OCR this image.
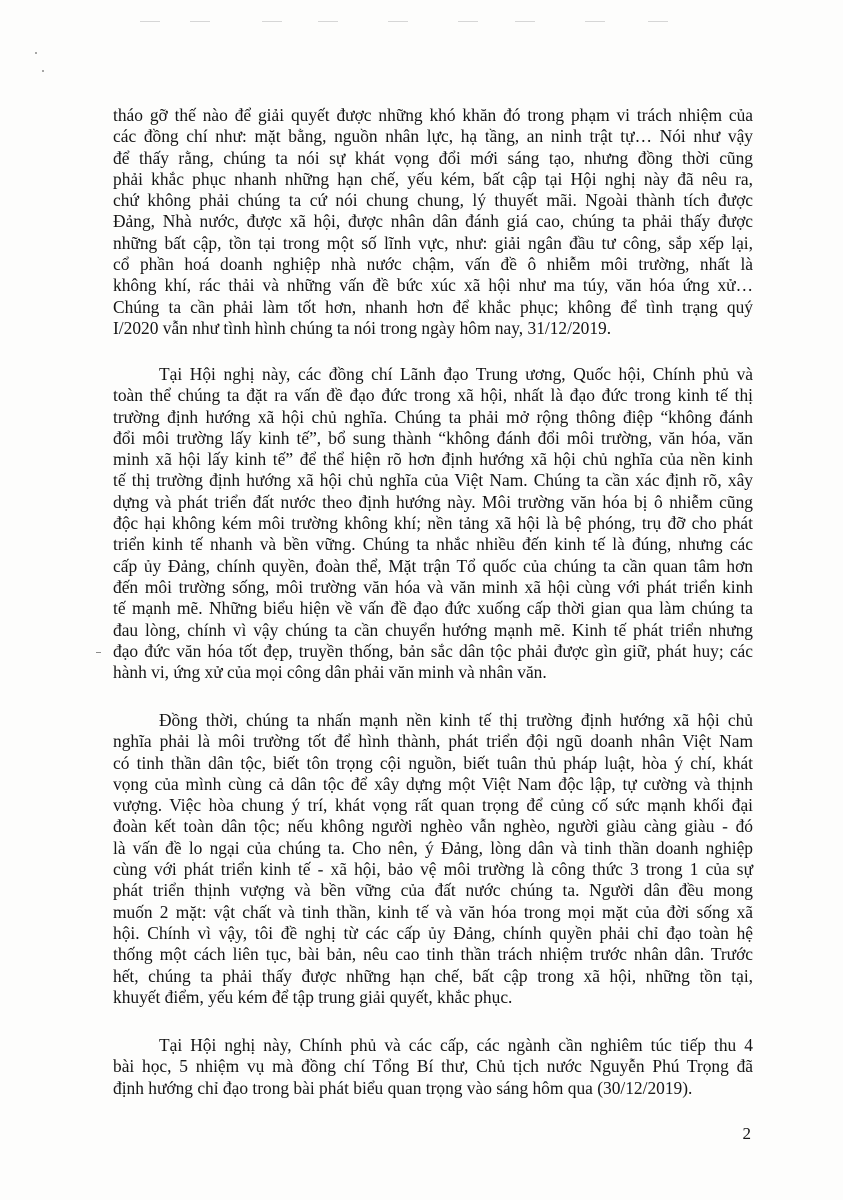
tháo gỡ thế nào để giải quyết được những khó khăn đó trong phạm vi trách nhiệm của
các đồng chí như: mặt bằng, nguồn nhân lực, hạ tầng, an ninh trật tự… Nói như vậy
để thấy rằng, chúng ta nói sự khát vọng đổi mới sáng tạo, nhưng đồng thời cũng
phải khắc phục nhanh những hạn chế, yếu kém, bất cập tại Hội nghị này đã nêu ra,
chứ không phải chúng ta cứ nói chung chung, lý thuyết mãi. Ngoài thành tích được
Đảng, Nhà nước, được xã hội, được nhân dân đánh giá cao, chúng ta phải thấy được
những bất cập, tồn tại trong một số lĩnh vực, như: giải ngân đầu tư công, sắp xếp lại,
cổ phần hoá doanh nghiệp nhà nước chậm, vấn đề ô nhiễm môi trường, nhất là
không khí, rác thải và những vấn đề bức xúc xã hội như ma túy, văn hóa ứng xử…
Chúng ta cần phải làm tốt hơn, nhanh hơn để khắc phục; không để tình trạng quý
I/2020 vẫn như tình hình chúng ta nói trong ngày hôm nay, 31/12/2019.
Tại Hội nghị này, các đồng chí Lãnh đạo Trung ương, Quốc hội, Chính phủ và
toàn thể chúng ta đặt ra vấn đề đạo đức trong xã hội, nhất là đạo đức trong kinh tế thị
trường định hướng xã hội chủ nghĩa. Chúng ta phải mở rộng thông điệp “không đánh
đổi môi trường lấy kinh tế”, bổ sung thành “không đánh đổi môi trường, văn hóa, văn
minh xã hội lấy kinh tế” để thể hiện rõ hơn định hướng xã hội chủ nghĩa của nền kinh
tế thị trường định hướng xã hội chủ nghĩa của Việt Nam. Chúng ta cần xác định rõ, xây
dựng và phát triển đất nước theo định hướng này. Môi trường văn hóa bị ô nhiễm cũng
độc hại không kém môi trường không khí; nền tảng xã hội là bệ phóng, trụ đỡ cho phát
triển kinh tế nhanh và bền vững. Chúng ta nhắc nhiều đến kinh tế là đúng, nhưng các
cấp ủy Đảng, chính quyền, đoàn thể, Mặt trận Tổ quốc của chúng ta cần quan tâm hơn
đến môi trường sống, môi trường văn hóa và văn minh xã hội cùng với phát triển kinh
tế mạnh mẽ. Những biểu hiện về vấn đề đạo đức xuống cấp thời gian qua làm chúng ta
đau lòng, chính vì vậy chúng ta cần chuyển hướng mạnh mẽ. Kinh tế phát triển nhưng
đạo đức văn hóa tốt đẹp, truyền thống, bản sắc dân tộc phải được gìn giữ, phát huy; các
hành vi, ứng xử của mọi công dân phải văn minh và nhân văn.
Đồng thời, chúng ta nhấn mạnh nền kinh tế thị trường định hướng xã hội chủ
nghĩa phải là môi trường tốt để hình thành, phát triển đội ngũ doanh nhân Việt Nam
có tinh thần dân tộc, biết tôn trọng cội nguồn, biết tuân thủ pháp luật, hòa ý chí, khát
vọng của mình cùng cả dân tộc để xây dựng một Việt Nam độc lập, tự cường và thịnh
vượng. Việc hòa chung ý trí, khát vọng rất quan trọng để củng cố sức mạnh khối đại
đoàn kết toàn dân tộc; nếu không người nghèo vẫn nghèo, người giàu càng giàu - đó
là vấn đề lo ngại của chúng ta. Cho nên, ý Đảng, lòng dân và tinh thần doanh nghiệp
cùng với phát triển kinh tế - xã hội, bảo vệ môi trường là công thức 3 trong 1 của sự
phát triển thịnh vượng và bền vững của đất nước chúng ta. Người dân đều mong
muốn 2 mặt: vật chất và tinh thần, kinh tế và văn hóa trong mọi mặt của đời sống xã
hội. Chính vì vậy, tôi đề nghị từ các cấp ủy Đảng, chính quyền phải chỉ đạo toàn hệ
thống một cách liên tục, bài bản, nêu cao tinh thần trách nhiệm trước nhân dân. Trước
hết, chúng ta phải thấy được những hạn chế, bất cập trong xã hội, những tồn tại,
khuyết điểm, yếu kém để tập trung giải quyết, khắc phục.
Tại Hội nghị này, Chính phủ và các cấp, các ngành cần nghiêm túc tiếp thu 4
bài học, 5 nhiệm vụ mà đồng chí Tổng Bí thư, Chủ tịch nước Nguyễn Phú Trọng đã
định hướng chỉ đạo trong bài phát biểu quan trọng vào sáng hôm qua (30/12/2019).
2
